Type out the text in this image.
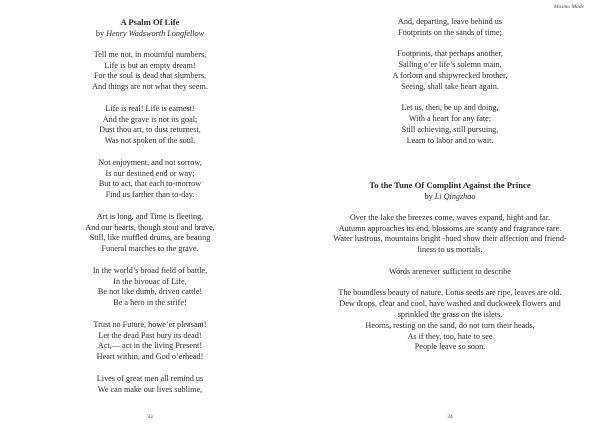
A Psalm Of Life
by Henry Wadsworth Longfellow
Tell me not, in mournful numbers,
Life is but an empty dream!
For the soul is dead that slumbers,
And things are not what they seem.
Life is real! Life is earnest!
And the grave is not its goal;
Dust thou art, to dust returnest,
Was not spoken of the soul.
Not enjoyment, and not sorrow,
Is our destined end or way;
But to act, that each to-morrow
Find us farther than to-day.
Art is long, and Time is fleeting,
And our hearts, though stout and brave,
Still, like muffled drums, are beating
Funeral marches to the grave.
In the world’s broad field of battle,
In the bivouac of Life,
Be not like dumb, driven cattle!
Be a hero in the strife!
Trust no Future, howe’er pleasant!
Let the dead Past bury its dead!
Act,— act in the living Present!
Heart within, and God o’erhead!
Lives of great men all remind us
We can make our lives sublime,
33
Mosmo Made
And, departing, leave behind us
Footprints on the sands of time;
Footprints, that perhaps another,
Sailing o’er life’s solemn main,
A forlorn and shipwrecked brother,
Seeing, shall take heart again.
Let us, then, be up and doing,
With a heart for any fate;
Still achieving, still pursuing,
Learn to labor and to wait.
To the Tune Of Complint Against the Prince
by Li Qingzhao
Over the lake the breezes come, waves expand, hight and far.
Autumn approaches its end, blossoms are scanty and fragrance rare.
Water lustrous, mountains bright -hued show their affection and friend-
liness to us mortals.
Words arenever sufficient to describe
The boundless beauty of nature, Lotus seeds are ripe, leaves are old.
Dew drops, clear and cool, have washed and duckweek flowers and
sprinkled the grass on the islets.
Heorns, resting on the sand, do not turn their heads,
As if they, too, hate to see
People leave so soon.
34
